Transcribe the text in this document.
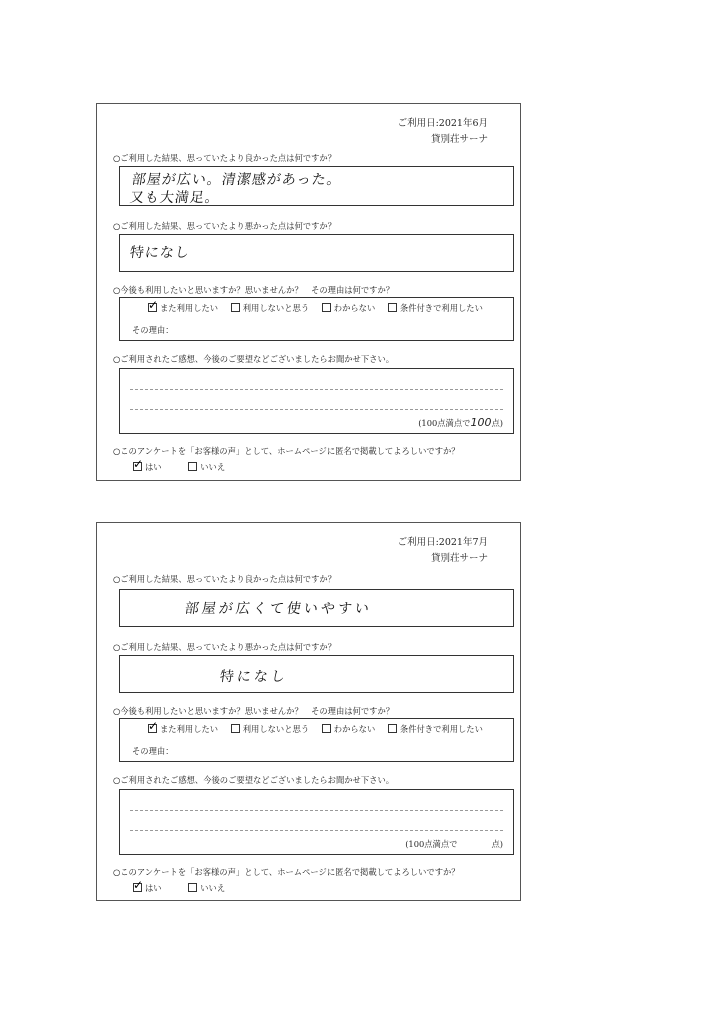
ご利用日:2021年6月
貸別荘サーナ
○ご利用した結果、思っていたより良かった点は何ですか？
部屋が広い。清潔感があった。
又も大満足。
○ご利用した結果、思っていたより悪かった点は何ですか？
特になし
○今後も利用したいと思いますか？思いませんか？　その理由は何ですか？
✓ また利用したい	利用しないと思う	わからない	条件付きで利用したい
その理由：
○ご利用されたご感想、今後のご要望などございましたらお聞かせ下さい。
(100点満点で100点)
○このアンケートを「お客様の声」として、ホームページに匿名で掲載してよろしいですか？
✓ はい	いいえ
ご利用日:2021年7月
貸別荘サーナ
○ご利用した結果、思っていたより良かった点は何ですか？
部屋が広くて使いやすい
○ご利用した結果、思っていたより悪かった点は何ですか？
特になし
○今後も利用したいと思いますか？思いませんか？　その理由は何ですか？
✓ また利用したい	利用しないと思う	わからない	条件付きで利用したい
その理由：
○ご利用されたご感想、今後のご要望などございましたらお聞かせ下さい。
(100点満点で	点)
○このアンケートを「お客様の声」として、ホームページに匿名で掲載してよろしいですか？
✓ はい	いいえ
